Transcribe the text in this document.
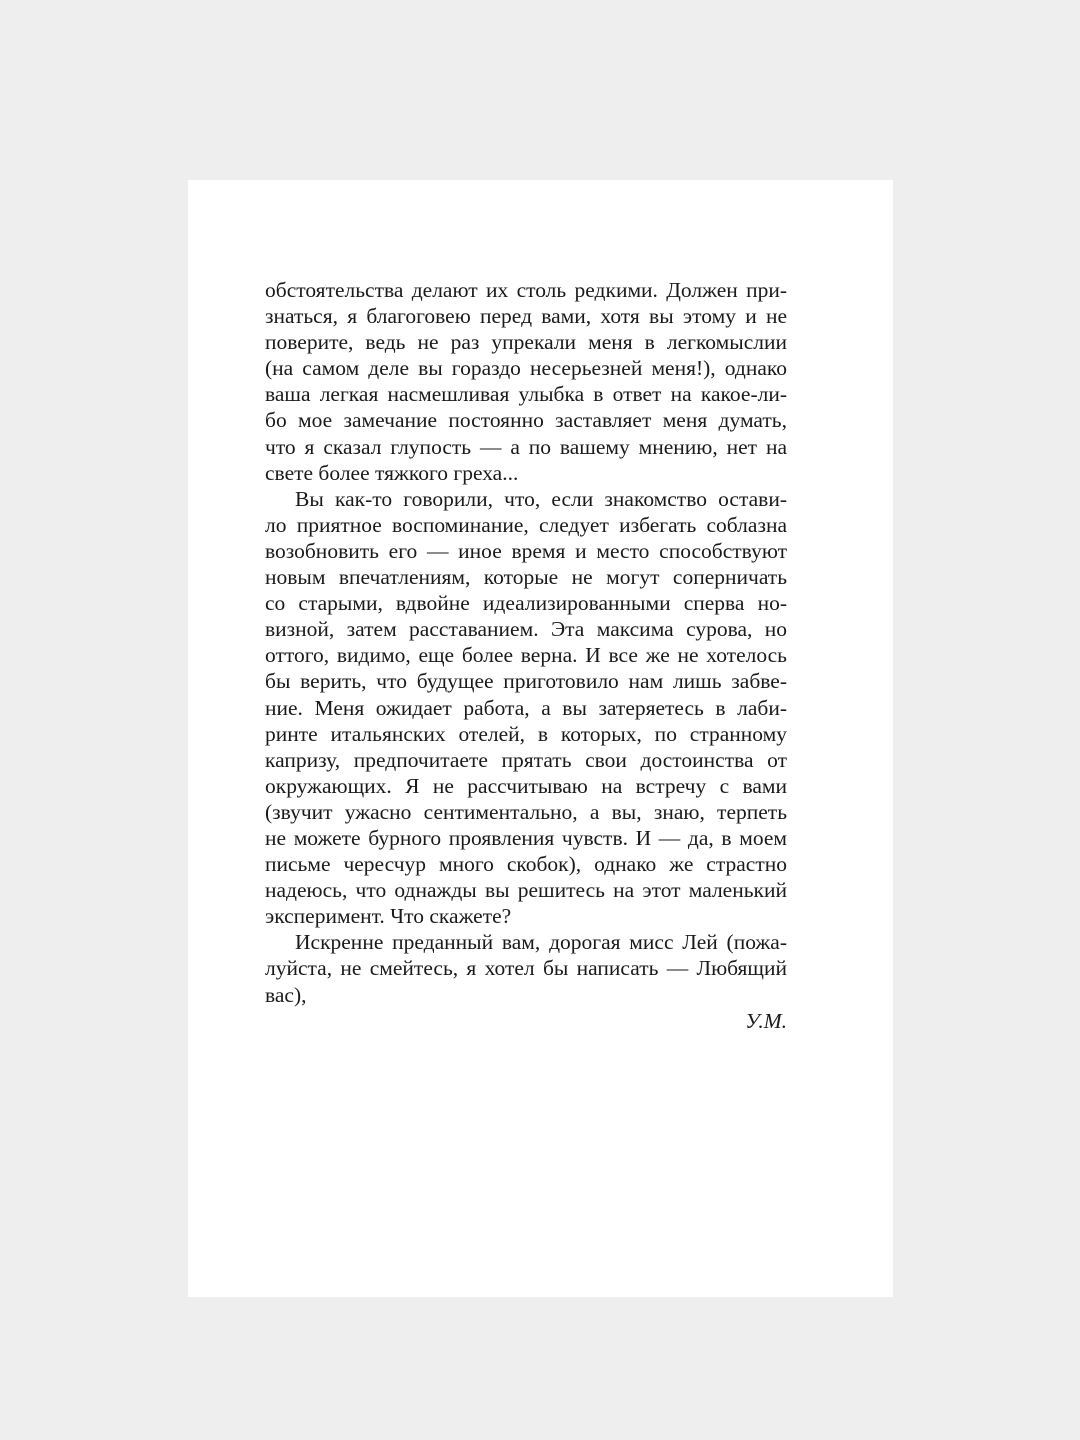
обстоятельства делают их столь редкими. Должен при-
знаться, я благоговею перед вами, хотя вы этому и не
поверите, ведь не раз упрекали меня в легкомыслии
(на самом деле вы гораздо несерьезней меня!), однако
ваша легкая насмешливая улыбка в ответ на какое-ли-
бо мое замечание постоянно заставляет меня думать,
что я сказал глупость — а по вашему мнению, нет на
свете более тяжкого греха...
Вы как-то говорили, что, если знакомство остави-
ло приятное воспоминание, следует избегать соблазна
возобновить его — иное время и место способствуют
новым впечатлениям, которые не могут соперничать
со старыми, вдвойне идеализированными сперва но-
визной, затем расставанием. Эта максима сурова, но
оттого, видимо, еще более верна. И все же не хотелось
бы верить, что будущее приготовило нам лишь забве-
ние. Меня ожидает работа, а вы затеряетесь в лаби-
ринте итальянских отелей, в которых, по странному
капризу, предпочитаете прятать свои достоинства от
окружающих. Я не рассчитываю на встречу с вами
(звучит ужасно сентиментально, а вы, знаю, терпеть
не можете бурного проявления чувств. И — да, в моем
письме чересчур много скобок), однако же страстно
надеюсь, что однажды вы решитесь на этот маленький
эксперимент. Что скажете?
Искренне преданный вам, дорогая мисс Лей (пожа-
луйста, не смейтесь, я хотел бы написать — Любящий
вас),
У.М.
